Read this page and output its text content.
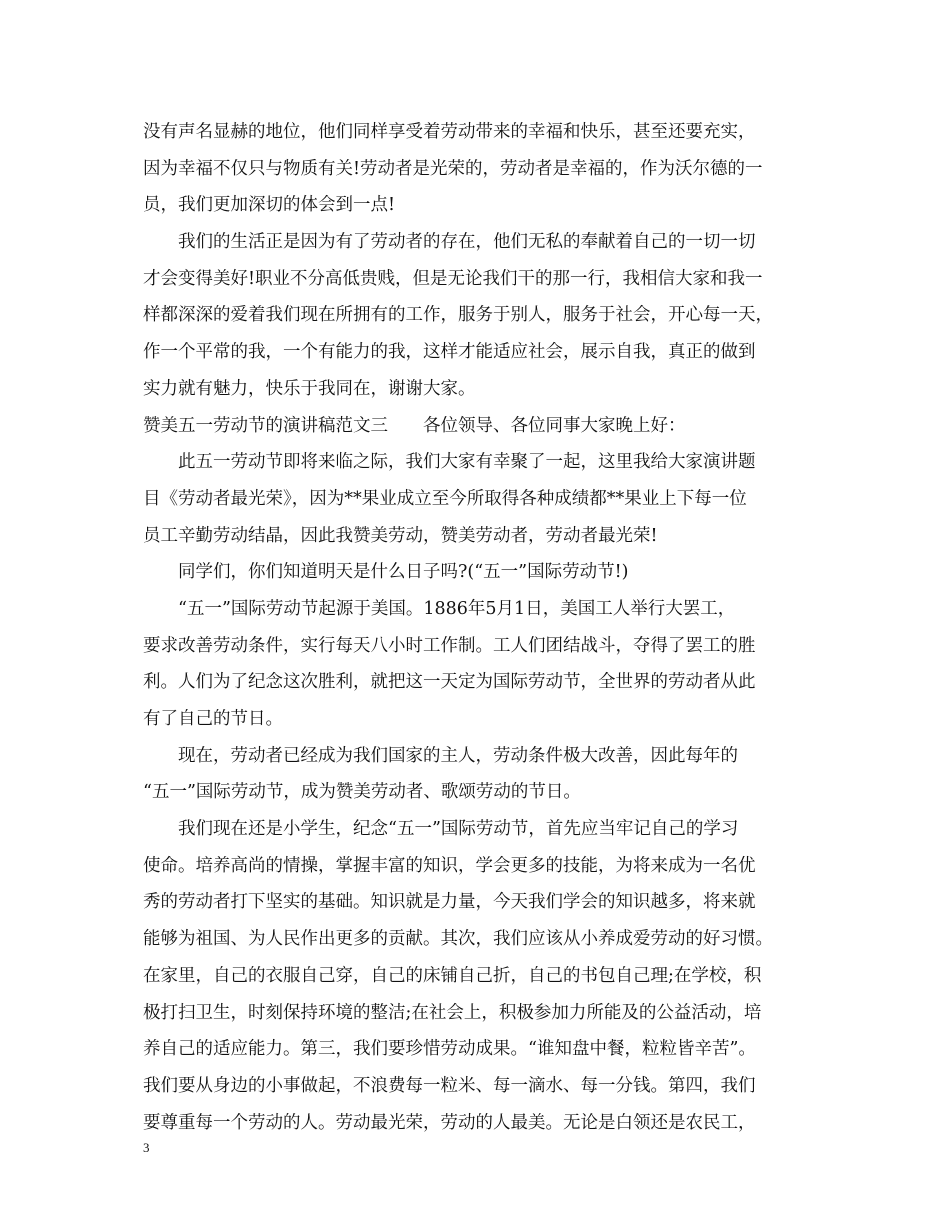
没有声名显赫的地位，他们同样享受着劳动带来的幸福和快乐，甚至还要充实，
因为幸福不仅只与物质有关!劳动者是光荣的，劳动者是幸福的，作为沃尔德的一
员，我们更加深切的体会到一点!
我们的生活正是因为有了劳动者的存在，他们无私的奉献着自己的一切一切
才会变得美好!职业不分高低贵贱，但是无论我们干的那一行，我相信大家和我一
样都深深的爱着我们现在所拥有的工作，服务于别人，服务于社会，开心每一天，
作一个平常的我，一个有能力的我，这样才能适应社会，展示自我，真正的做到
实力就有魅力，快乐于我同在，谢谢大家。
赞美五一劳动节的演讲稿范文三　　各位领导、各位同事大家晚上好：
此五一劳动节即将来临之际，我们大家有幸聚了一起，这里我给大家演讲题
目《劳动者最光荣》，因为**果业成立至今所取得各种成绩都**果业上下每一位
员工辛勤劳动结晶，因此我赞美劳动，赞美劳动者，劳动者最光荣!
同学们，你们知道明天是什么日子吗?(“五一”国际劳动节!)
“五一”国际劳动节起源于美国。1886年5月1日，美国工人举行大罢工，
要求改善劳动条件，实行每天八小时工作制。工人们团结战斗，夺得了罢工的胜
利。人们为了纪念这次胜利，就把这一天定为国际劳动节，全世界的劳动者从此
有了自己的节日。
现在，劳动者已经成为我们国家的主人，劳动条件极大改善，因此每年的
“五一”国际劳动节，成为赞美劳动者、歌颂劳动的节日。
我们现在还是小学生，纪念“五一”国际劳动节，首先应当牢记自己的学习
使命。培养高尚的情操，掌握丰富的知识，学会更多的技能，为将来成为一名优
秀的劳动者打下坚实的基础。知识就是力量，今天我们学会的知识越多，将来就
能够为祖国、为人民作出更多的贡献。其次，我们应该从小养成爱劳动的好习惯。
在家里，自己的衣服自己穿，自己的床铺自己折，自己的书包自己理;在学校，积
极打扫卫生，时刻保持环境的整洁;在社会上，积极参加力所能及的公益活动，培
养自己的适应能力。第三，我们要珍惜劳动成果。“谁知盘中餐，粒粒皆辛苦”。
我们要从身边的小事做起，不浪费每一粒米、每一滴水、每一分钱。第四，我们
要尊重每一个劳动的人。劳动最光荣，劳动的人最美。无论是白领还是农民工，
3
